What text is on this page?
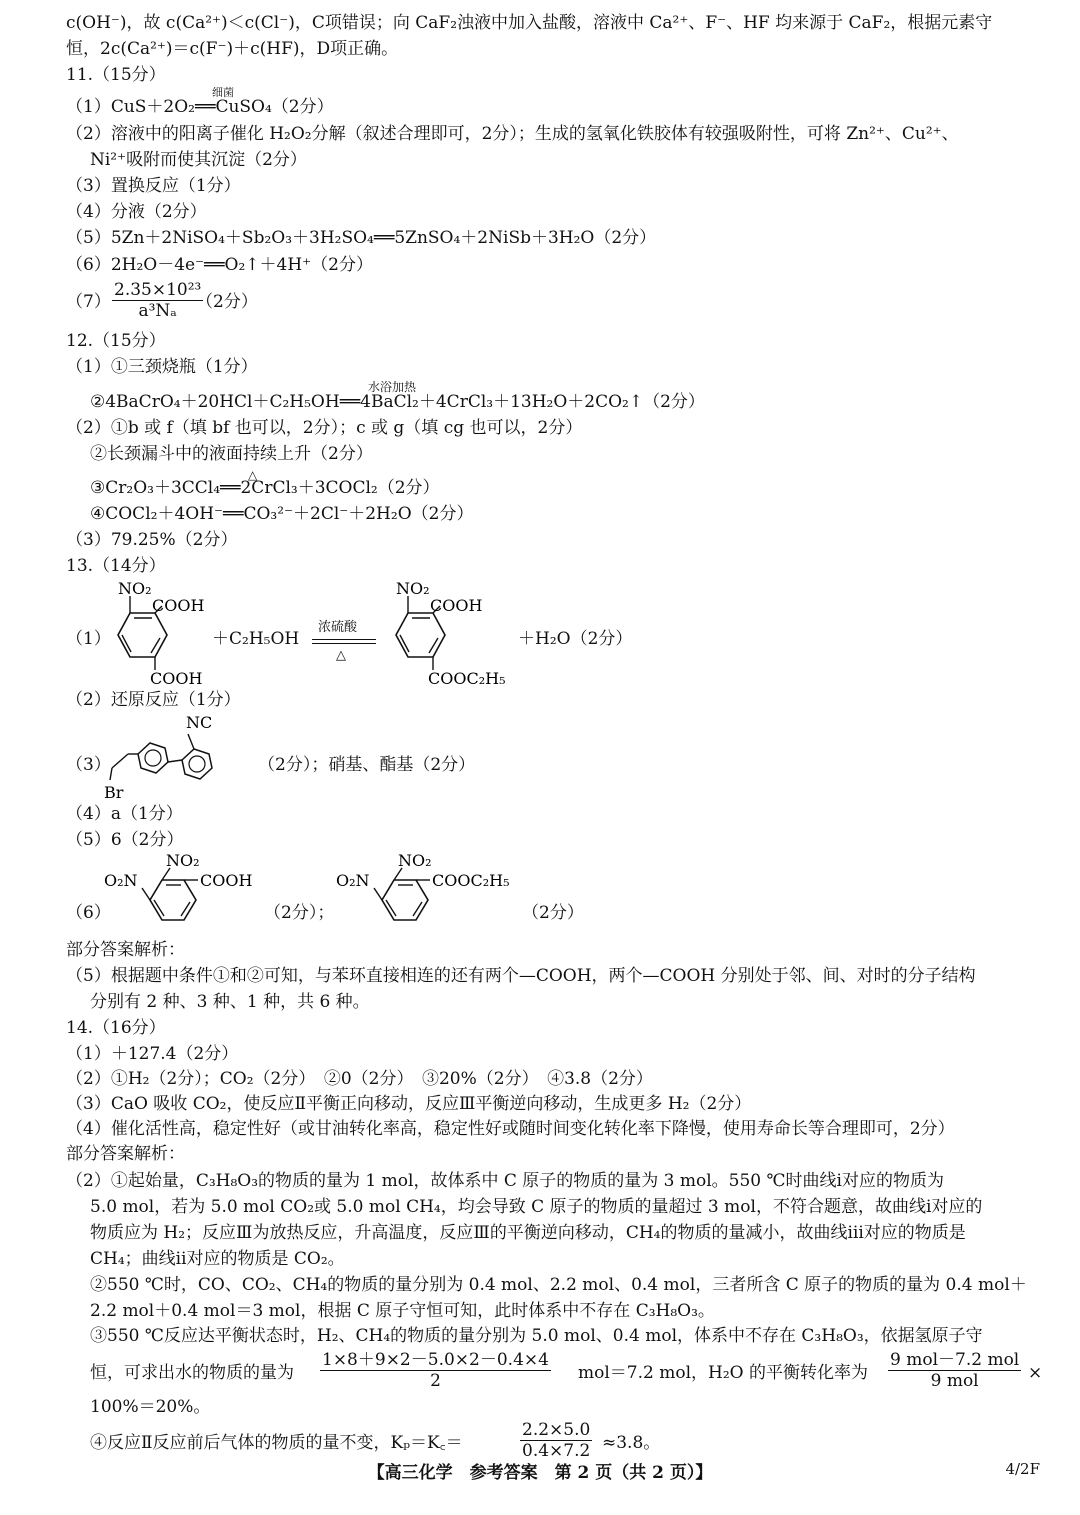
c(OH⁻)，故 c(Ca²⁺)＜c(Cl⁻)，C项错误；向 CaF₂浊液中加入盐酸，溶液中 Ca²⁺、F⁻、HF 均来源于 CaF₂，根据元素守
恒，2c(Ca²⁺)＝c(F⁻)＋c(HF)，D项正确。
11.（15分）
（1）CuS＋2O₂══CuSO₄（2分）
细菌
（2）溶液中的阳离子催化 H₂O₂分解（叙述合理即可，2分）；生成的氢氧化铁胶体有较强吸附性，可将 Zn²⁺、Cu²⁺、
Ni²⁺吸附而使其沉淀（2分）
（3）置换反应（1分）
（4）分液（2分）
（5）5Zn＋2NiSO₄＋Sb₂O₃＋3H₂SO₄══5ZnSO₄＋2NiSb＋3H₂O（2分）
（6）2H₂O－4e⁻══O₂↑＋4H⁺（2分）
$(7) \frac{\text{2.35×10²³}}{\text{a³Nₐ}}$
（2分）
12.（15分）
（1）①三颈烧瓶（1分）
②4BaCrO₄＋20HCl＋C₂H₅OH══4BaCl₂＋4CrCl₃＋13H₂O＋2CO₂↑（2分）
水浴加热
（2）①b 或 f（填 bf 也可以，2分）；c 或 g（填 cg 也可以，2分）
②长颈漏斗中的液面持续上升（2分）
③Cr₂O₃＋3CCl₄══2CrCl₃＋3COCl₂（2分）
△
④COCl₂＋4OH⁻══CO₃²⁻＋2Cl⁻＋2H₂O（2分）
（3）79.25%（2分）
13.（14分）
（1）
NO₂
COOH
COOH
＋C₂H₅OH
浓硫酸
△
NO₂
COOH
COOC₂H₅
＋H₂O（2分）
（2）还原反应（1分）
（3）
NC
Br
（2分）；硝基、酯基（2分）
（4）a（1分）
（5）6（2分）
（6）
O₂N
NO₂
COOH
（2分）；
O₂N
NO₂
COOC₂H₅
（2分）
部分答案解析：
（5）根据题中条件①和②可知，与苯环直接相连的还有两个—COOH，两个—COOH 分别处于邻、间、对时的分子结构
分别有 2 种、3 种、1 种，共 6 种。
14.（16分）
（1）＋127.4（2分）
（2）①H₂（2分）；CO₂（2分）　②0（2分）　③20%（2分）　④3.8（2分）
（3）CaO 吸收 CO₂，使反应Ⅱ平衡正向移动，反应Ⅲ平衡逆向移动，生成更多 H₂（2分）
（4）催化活性高，稳定性好（或甘油转化率高，稳定性好或随时间变化转化率下降慢，使用寿命长等合理即可，2分）
部分答案解析：
（2）①起始量，C₃H₈O₃的物质的量为 1 mol，故体系中 C 原子的物质的量为 3 mol。550 ℃时曲线ⅰ对应的物质为
5.0 mol，若为 5.0 mol CO₂或 5.0 mol CH₄，均会导致 C 原子的物质的量超过 3 mol，不符合题意，故曲线ⅰ对应的
物质应为 H₂；反应Ⅲ为放热反应，升高温度，反应Ⅲ的平衡逆向移动，CH₄的物质的量减小，故曲线ⅲ对应的物质是
CH₄；曲线ⅱ对应的物质是 CO₂。
②550 ℃时，CO、CO₂、CH₄的物质的量分别为 0.4 mol、2.2 mol、0.4 mol，三者所含 C 原子的物质的量为 0.4 mol＋
2.2 mol＋0.4 mol＝3 mol，根据 C 原子守恒可知，此时体系中不存在 C₃H₈O₃。
③550 ℃反应达平衡状态时，H₂、CH₄的物质的量分别为 5.0 mol、0.4 mol，体系中不存在 C₃H₈O₃，依据氢原子守
恒，可求出水的物质的量为 $\frac{1\times 8+9\times 2-5.0\times 2-0.4\times 4}{2} mol=7.2$ mol，H₂O 的平衡转化率为
9 mol－7.2 mol
9 mol	×
100%＝20%。
④反应Ⅱ反应前后气体的物质的量不变，Kₚ＝K꜀＝	$\frac{2.2\times 5.0}{0.4\times 7.2} \approx 3.8$。
【高三化学　参考答案　第 2 页（共 2 页）】	4/2F
